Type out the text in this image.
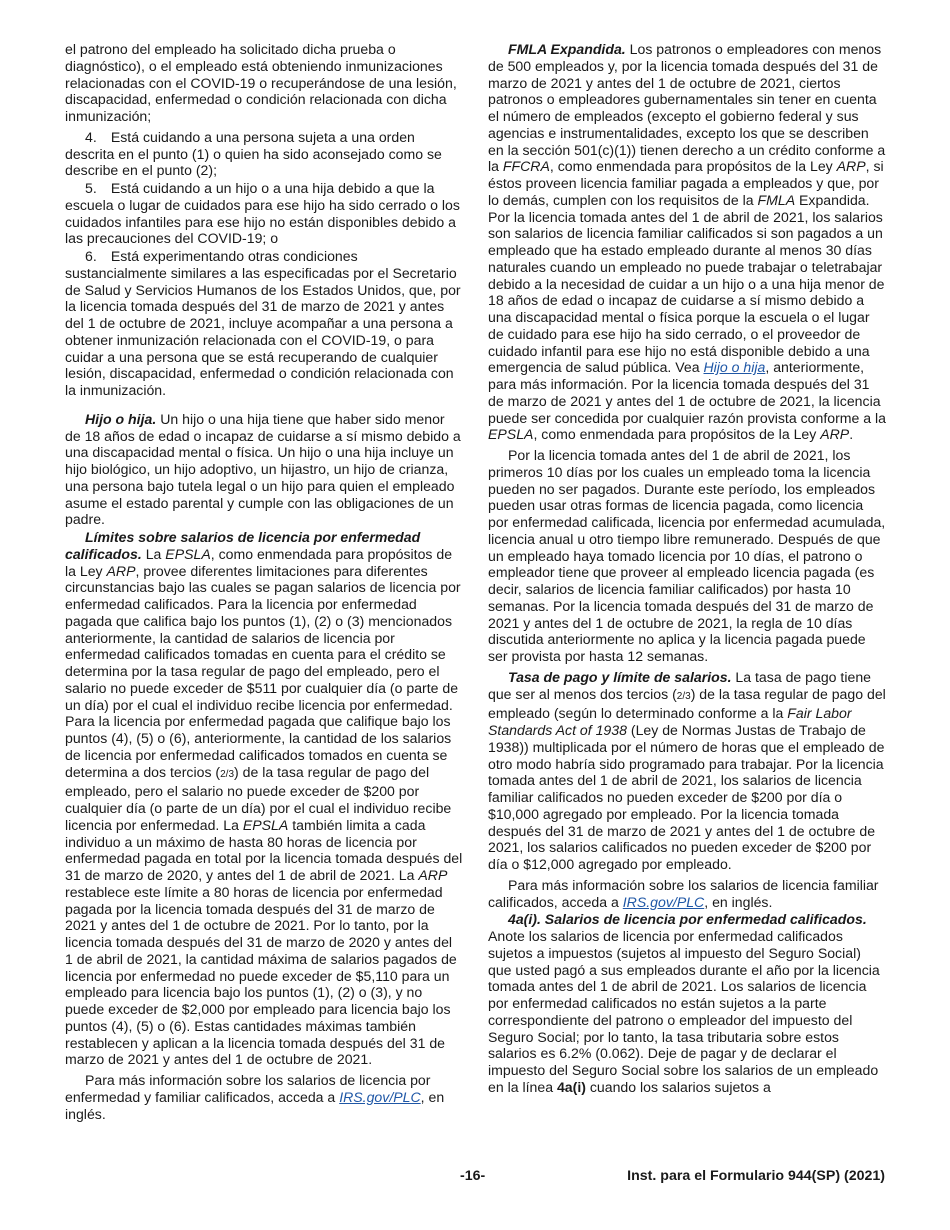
el patrono del empleado ha solicitado dicha prueba o diagnóstico), o el empleado está obteniendo inmunizaciones relacionadas con el COVID-19 o recuperándose de una lesión, discapacidad, enfermedad o condición relacionada con dicha inmunización;

4. Está cuidando a una persona sujeta a una orden descrita en el punto (1) o quien ha sido aconsejado como se describe en el punto (2);

5. Está cuidando a un hijo o a una hija debido a que la escuela o lugar de cuidados para ese hijo ha sido cerrado o los cuidados infantiles para ese hijo no están disponibles debido a las precauciones del COVID-19; o

6. Está experimentando otras condiciones sustancialmente similares a las especificadas por el Secretario de Salud y Servicios Humanos de los Estados Unidos, que, por la licencia tomada después del 31 de marzo de 2021 y antes del 1 de octubre de 2021, incluye acompañar a una persona a obtener inmunización relacionada con el COVID-19, o para cuidar a una persona que se está recuperando de cualquier lesión, discapacidad, enfermedad o condición relacionada con la inmunización.

Hijo o hija. Un hijo o una hija tiene que haber sido menor de 18 años de edad o incapaz de cuidarse a sí mismo debido a una discapacidad mental o física. Un hijo o una hija incluye un hijo biológico, un hijo adoptivo, un hijastro, un hijo de crianza, una persona bajo tutela legal o un hijo para quien el empleado asume el estado parental y cumple con las obligaciones de un padre.

Límites sobre salarios de licencia por enfermedad calificados. La EPSLA, como enmendada para propósitos de la Ley ARP, provee diferentes limitaciones para diferentes circunstancias bajo las cuales se pagan salarios de licencia por enfermedad calificados. Para la licencia por enfermedad pagada que califica bajo los puntos (1), (2) o (3) mencionados anteriormente, la cantidad de salarios de licencia por enfermedad calificados tomadas en cuenta para el crédito se determina por la tasa regular de pago del empleado, pero el salario no puede exceder de $511 por cualquier día (o parte de un día) por el cual el individuo recibe licencia por enfermedad. Para la licencia por enfermedad pagada que califique bajo los puntos (4), (5) o (6), anteriormente, la cantidad de los salarios de licencia por enfermedad calificados tomados en cuenta se determina a dos tercios (2/3) de la tasa regular de pago del empleado, pero el salario no puede exceder de $200 por cualquier día (o parte de un día) por el cual el individuo recibe licencia por enfermedad. La EPSLA también limita a cada individuo a un máximo de hasta 80 horas de licencia por enfermedad pagada en total por la licencia tomada después del 31 de marzo de 2020, y antes del 1 de abril de 2021. La ARP restablece este límite a 80 horas de licencia por enfermedad pagada por la licencia tomada después del 31 de marzo de 2021 y antes del 1 de octubre de 2021. Por lo tanto, por la licencia tomada después del 31 de marzo de 2020 y antes del 1 de abril de 2021, la cantidad máxima de salarios pagados de licencia por enfermedad no puede exceder de $5,110 para un empleado para licencia bajo los puntos (1), (2) o (3), y no puede exceder de $2,000 por empleado para licencia bajo los puntos (4), (5) o (6). Estas cantidades máximas también restablecen y aplican a la licencia tomada después del 31 de marzo de 2021 y antes del 1 de octubre de 2021.

Para más información sobre los salarios de licencia por enfermedad y familiar calificados, acceda a IRS.gov/PLC, en inglés.

FMLA Expandida. Los patronos o empleadores con menos de 500 empleados y, por la licencia tomada después del 31 de marzo de 2021 y antes del 1 de octubre de 2021, ciertos patronos o empleadores gubernamentales sin tener en cuenta el número de empleados (excepto el gobierno federal y sus agencias e instrumentalidades, excepto los que se describen en la sección 501(c)(1)) tienen derecho a un crédito conforme a la FFCRA, como enmendada para propósitos de la Ley ARP, si éstos proveen licencia familiar pagada a empleados y que, por lo demás, cumplen con los requisitos de la FMLA Expandida. Por la licencia tomada antes del 1 de abril de 2021, los salarios son salarios de licencia familiar calificados si son pagados a un empleado que ha estado empleado durante al menos 30 días naturales cuando un empleado no puede trabajar o teletrabajar debido a la necesidad de cuidar a un hijo o a una hija menor de 18 años de edad o incapaz de cuidarse a sí mismo debido a una discapacidad mental o física porque la escuela o el lugar de cuidado para ese hijo ha sido cerrado, o el proveedor de cuidado infantil para ese hijo no está disponible debido a una emergencia de salud pública. Vea Hijo o hija, anteriormente, para más información. Por la licencia tomada después del 31 de marzo de 2021 y antes del 1 de octubre de 2021, la licencia puede ser concedida por cualquier razón provista conforme a la EPSLA, como enmendada para propósitos de la Ley ARP.

Por la licencia tomada antes del 1 de abril de 2021, los primeros 10 días por los cuales un empleado toma la licencia pueden no ser pagados. Durante este período, los empleados pueden usar otras formas de licencia pagada, como licencia por enfermedad calificada, licencia por enfermedad acumulada, licencia anual u otro tiempo libre remunerado. Después de que un empleado haya tomado licencia por 10 días, el patrono o empleador tiene que proveer al empleado licencia pagada (es decir, salarios de licencia familiar calificados) por hasta 10 semanas. Por la licencia tomada después del 31 de marzo de 2021 y antes del 1 de octubre de 2021, la regla de 10 días discutida anteriormente no aplica y la licencia pagada puede ser provista por hasta 12 semanas.

Tasa de pago y límite de salarios. La tasa de pago tiene que ser al menos dos tercios (2/3) de la tasa regular de pago del empleado (según lo determinado conforme a la Fair Labor Standards Act of 1938 (Ley de Normas Justas de Trabajo de 1938)) multiplicada por el número de horas que el empleado de otro modo habría sido programado para trabajar. Por la licencia tomada antes del 1 de abril de 2021, los salarios de licencia familiar calificados no pueden exceder de $200 por día o $10,000 agregado por empleado. Por la licencia tomada después del 31 de marzo de 2021 y antes del 1 de octubre de 2021, los salarios calificados no pueden exceder de $200 por día o $12,000 agregado por empleado.

Para más información sobre los salarios de licencia familiar calificados, acceda a IRS.gov/PLC, en inglés.

4a(i). Salarios de licencia por enfermedad calificados. Anote los salarios de licencia por enfermedad calificados sujetos a impuestos (sujetos al impuesto del Seguro Social) que usted pagó a sus empleados durante el año por la licencia tomada antes del 1 de abril de 2021. Los salarios de licencia por enfermedad calificados no están sujetos a la parte correspondiente del patrono o empleador del impuesto del Seguro Social; por lo tanto, la tasa tributaria sobre estos salarios es 6.2% (0.062). Deje de pagar y de declarar el impuesto del Seguro Social sobre los salarios de un empleado en la línea 4a(i) cuando los salarios sujetos a

-16-	Inst. para el Formulario 944(SP) (2021)
